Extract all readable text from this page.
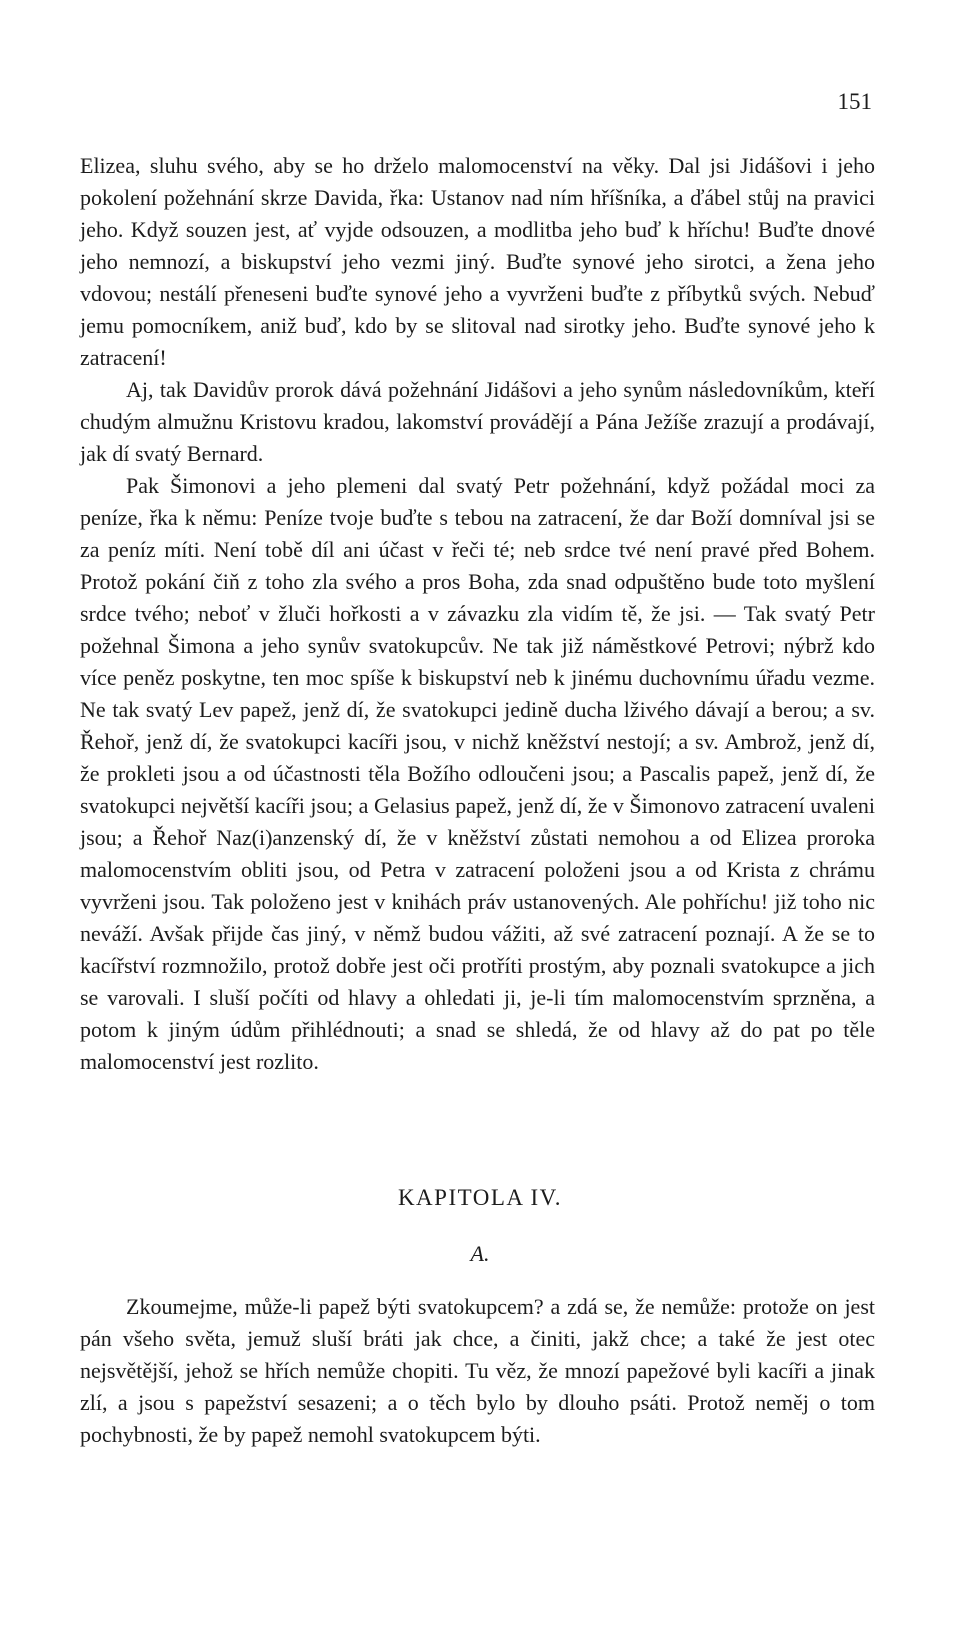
151

Elizea, sluhu svého, aby se ho drželo malomocenství na věky. Dal jsi Jidášovi i jeho pokolení požehnání skrze Davida, řka: Ustanov nad ním hříšníka, a ďábel stůj na pravici jeho. Když souzen jest, ať vyjde odsouzen, a modlitba jeho buď k hříchu! Buďte dnové jeho nemnozí, a biskupství jeho vezmi jiný. Buďte synové jeho sirotci, a žena jeho vdovou; nestálí přeneseni buďte synové jeho a vyvrženi buďte z příbytků svých. Nebuď jemu pomocníkem, aniž buď, kdo by se slitoval nad sirotky jeho. Buďte synové jeho k zatracení!

Aj, tak Davidův prorok dává požehnání Jidášovi a jeho synům následovníkům, kteří chudým almužnu Kristovu kradou, lakomství provádějí a Pána Ježíše zrazují a prodávají, jak dí svatý Bernard.

Pak Šimonovi a jeho plemeni dal svatý Petr požehnání, když požádal moci za peníze, řka k němu: Peníze tvoje buďte s tebou na zatracení, že dar Boží domníval jsi se za peníz míti. Není tobě díl ani účast v řeči té; neb srdce tvé není pravé před Bohem. Protož pokání čiň z toho zla svého a pros Boha, zda snad odpuštěno bude toto myšlení srdce tvého; neboť v žluči hořkosti a v závazku zla vidím tě, že jsi. — Tak svatý Petr požehnal Šimona a jeho synův svatokupcův. Ne tak již náměstkové Petrovi; nýbrž kdo více peněz poskytne, ten moc spíše k biskupství neb k jinému duchovnímu úřadu vezme. Ne tak svatý Lev papež, jenž dí, že svatokupci jedině ducha lživého dávají a berou; a sv. Řehoř, jenž dí, že svatokupci kacíři jsou, v nichž kněžství nestojí; a sv. Ambrož, jenž dí, že prokleti jsou a od účastnosti těla Božího odloučeni jsou; a Pascalis papež, jenž dí, že svatokupci největší kacíři jsou; a Gelasius papež, jenž dí, že v Šimonovo zatracení uvaleni jsou; a Řehoř Naz(i)anzenský dí, že v kněžství zůstati nemohou a od Elizea proroka malomocenstvím obliti jsou, od Petra v zatracení položeni jsou a od Krista z chrámu vyvrženi jsou. Tak položeno jest v knihách práv ustanovených. Ale pohříchu! již toho nic neváží. Avšak přijde čas jiný, v němž budou vážiti, až své zatracení poznají. A že se to kacířství rozmnožilo, protož dobře jest oči protříti prostým, aby poznali svatokupce a jich se varovali. I sluší počíti od hlavy a ohledati ji, je-li tím malomocenstvím sprzněna, a potom k jiným údům přihlédnouti; a snad se shledá, že od hlavy až do pat po těle malomocenství jest rozlito.

KAPITOLA IV.
A.

Zkoumejme, může-li papež býti svatokupcem? a zdá se, že nemůže: protože on jest pán všeho světa, jemuž sluší bráti jak chce, a činiti, jakž chce; a také že jest otec nejsvětější, jehož se hřích nemůže chopiti. Tu věz, že mnozí papežové byli kacíři a jinak zlí, a jsou s papežství sesazeni; a o těch bylo by dlouho psáti. Protož neměj o tom pochybnosti, že by papež nemohl svatokupcem býti.
